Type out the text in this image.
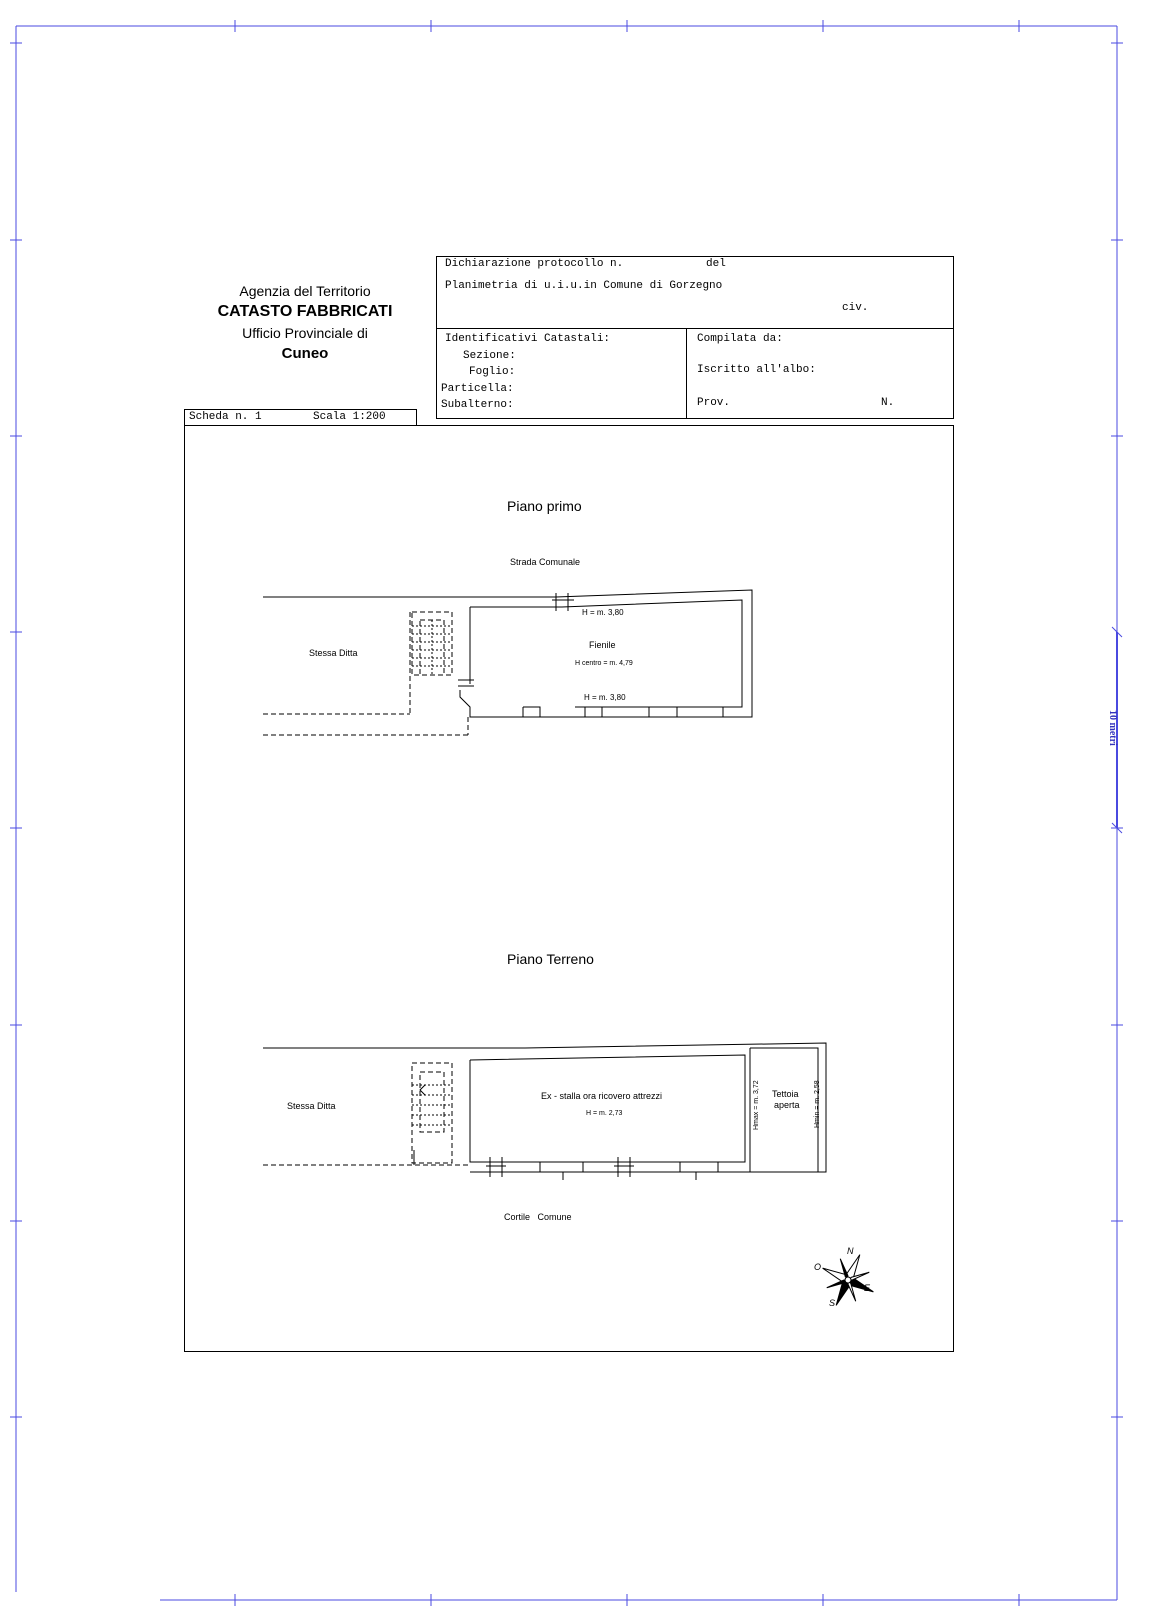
10 metri
Agenzia del Territorio
CATASTO FABBRICATI
Ufficio Provinciale di
Cuneo
Dichiarazione protocollo n.	del
Planimetria di u.i.u.in Comune di Gorzegno
civ.
Identificativi Catastali:
Sezione:
Foglio:
Particella:
Subalterno:
Compilata da:
Iscritto all'albo:
Prov.	N.
Scheda n. 1	Scala 1:200
Piano primo
Strada Comunale
Stessa Ditta
Fienile
H = m. 3,80
H centro = m. 4,79
H = m. 3,80
Piano Terreno
Stessa Ditta
Ex - stalla ora ricovero attrezzi
H = m. 2,73	Hmax = m. 3,72 Tettoia
aperta Hmin = m. 2,58
Cortile   Comune
N
O
E
S
